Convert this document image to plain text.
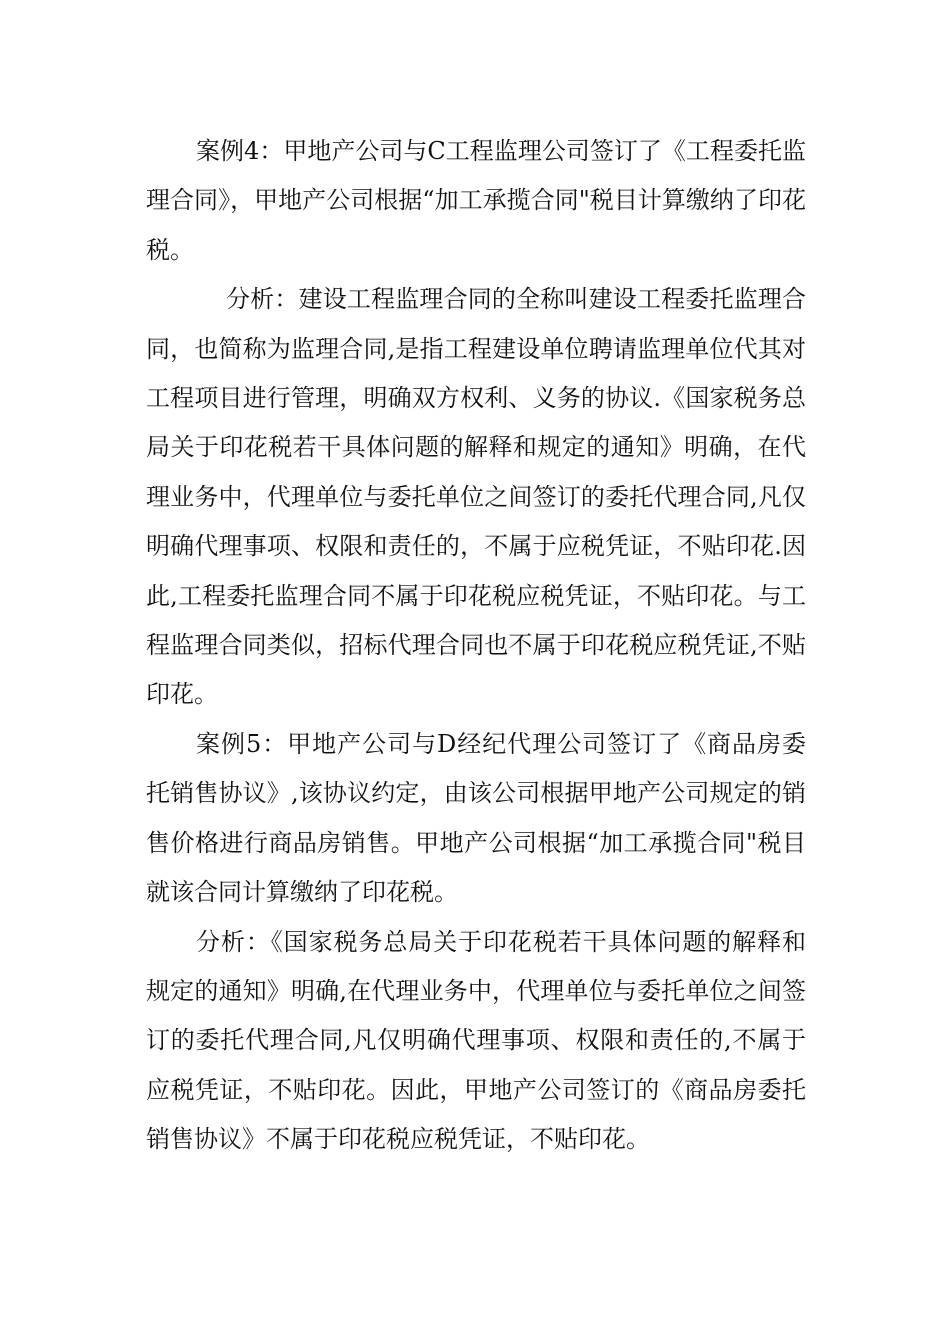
案例4：甲地产公司与C工程监理公司签订了《工程委托监理合同》，甲地产公司根据“加工承揽合同"税目计算缴纳了印花税。

分析：建设工程监理合同的全称叫建设工程委托监理合同，也简称为监理合同,是指工程建设单位聘请监理单位代其对工程项目进行管理，明确双方权利、义务的协议.《国家税务总局关于印花税若干具体问题的解释和规定的通知》明确，在代理业务中，代理单位与委托单位之间签订的委托代理合同,凡仅明确代理事项、权限和责任的，不属于应税凭证，不贴印花.因此,工程委托监理合同不属于印花税应税凭证，不贴印花。与工程监理合同类似，招标代理合同也不属于印花税应税凭证,不贴印花。

案例5：甲地产公司与D经纪代理公司签订了《商品房委托销售协议》,该协议约定，由该公司根据甲地产公司规定的销售价格进行商品房销售。甲地产公司根据“加工承揽合同"税目就该合同计算缴纳了印花税。

分析：《国家税务总局关于印花税若干具体问题的解释和规定的通知》明确,在代理业务中，代理单位与委托单位之间签订的委托代理合同,凡仅明确代理事项、权限和责任的,不属于应税凭证，不贴印花。因此，甲地产公司签订的《商品房委托销售协议》不属于印花税应税凭证，不贴印花。
